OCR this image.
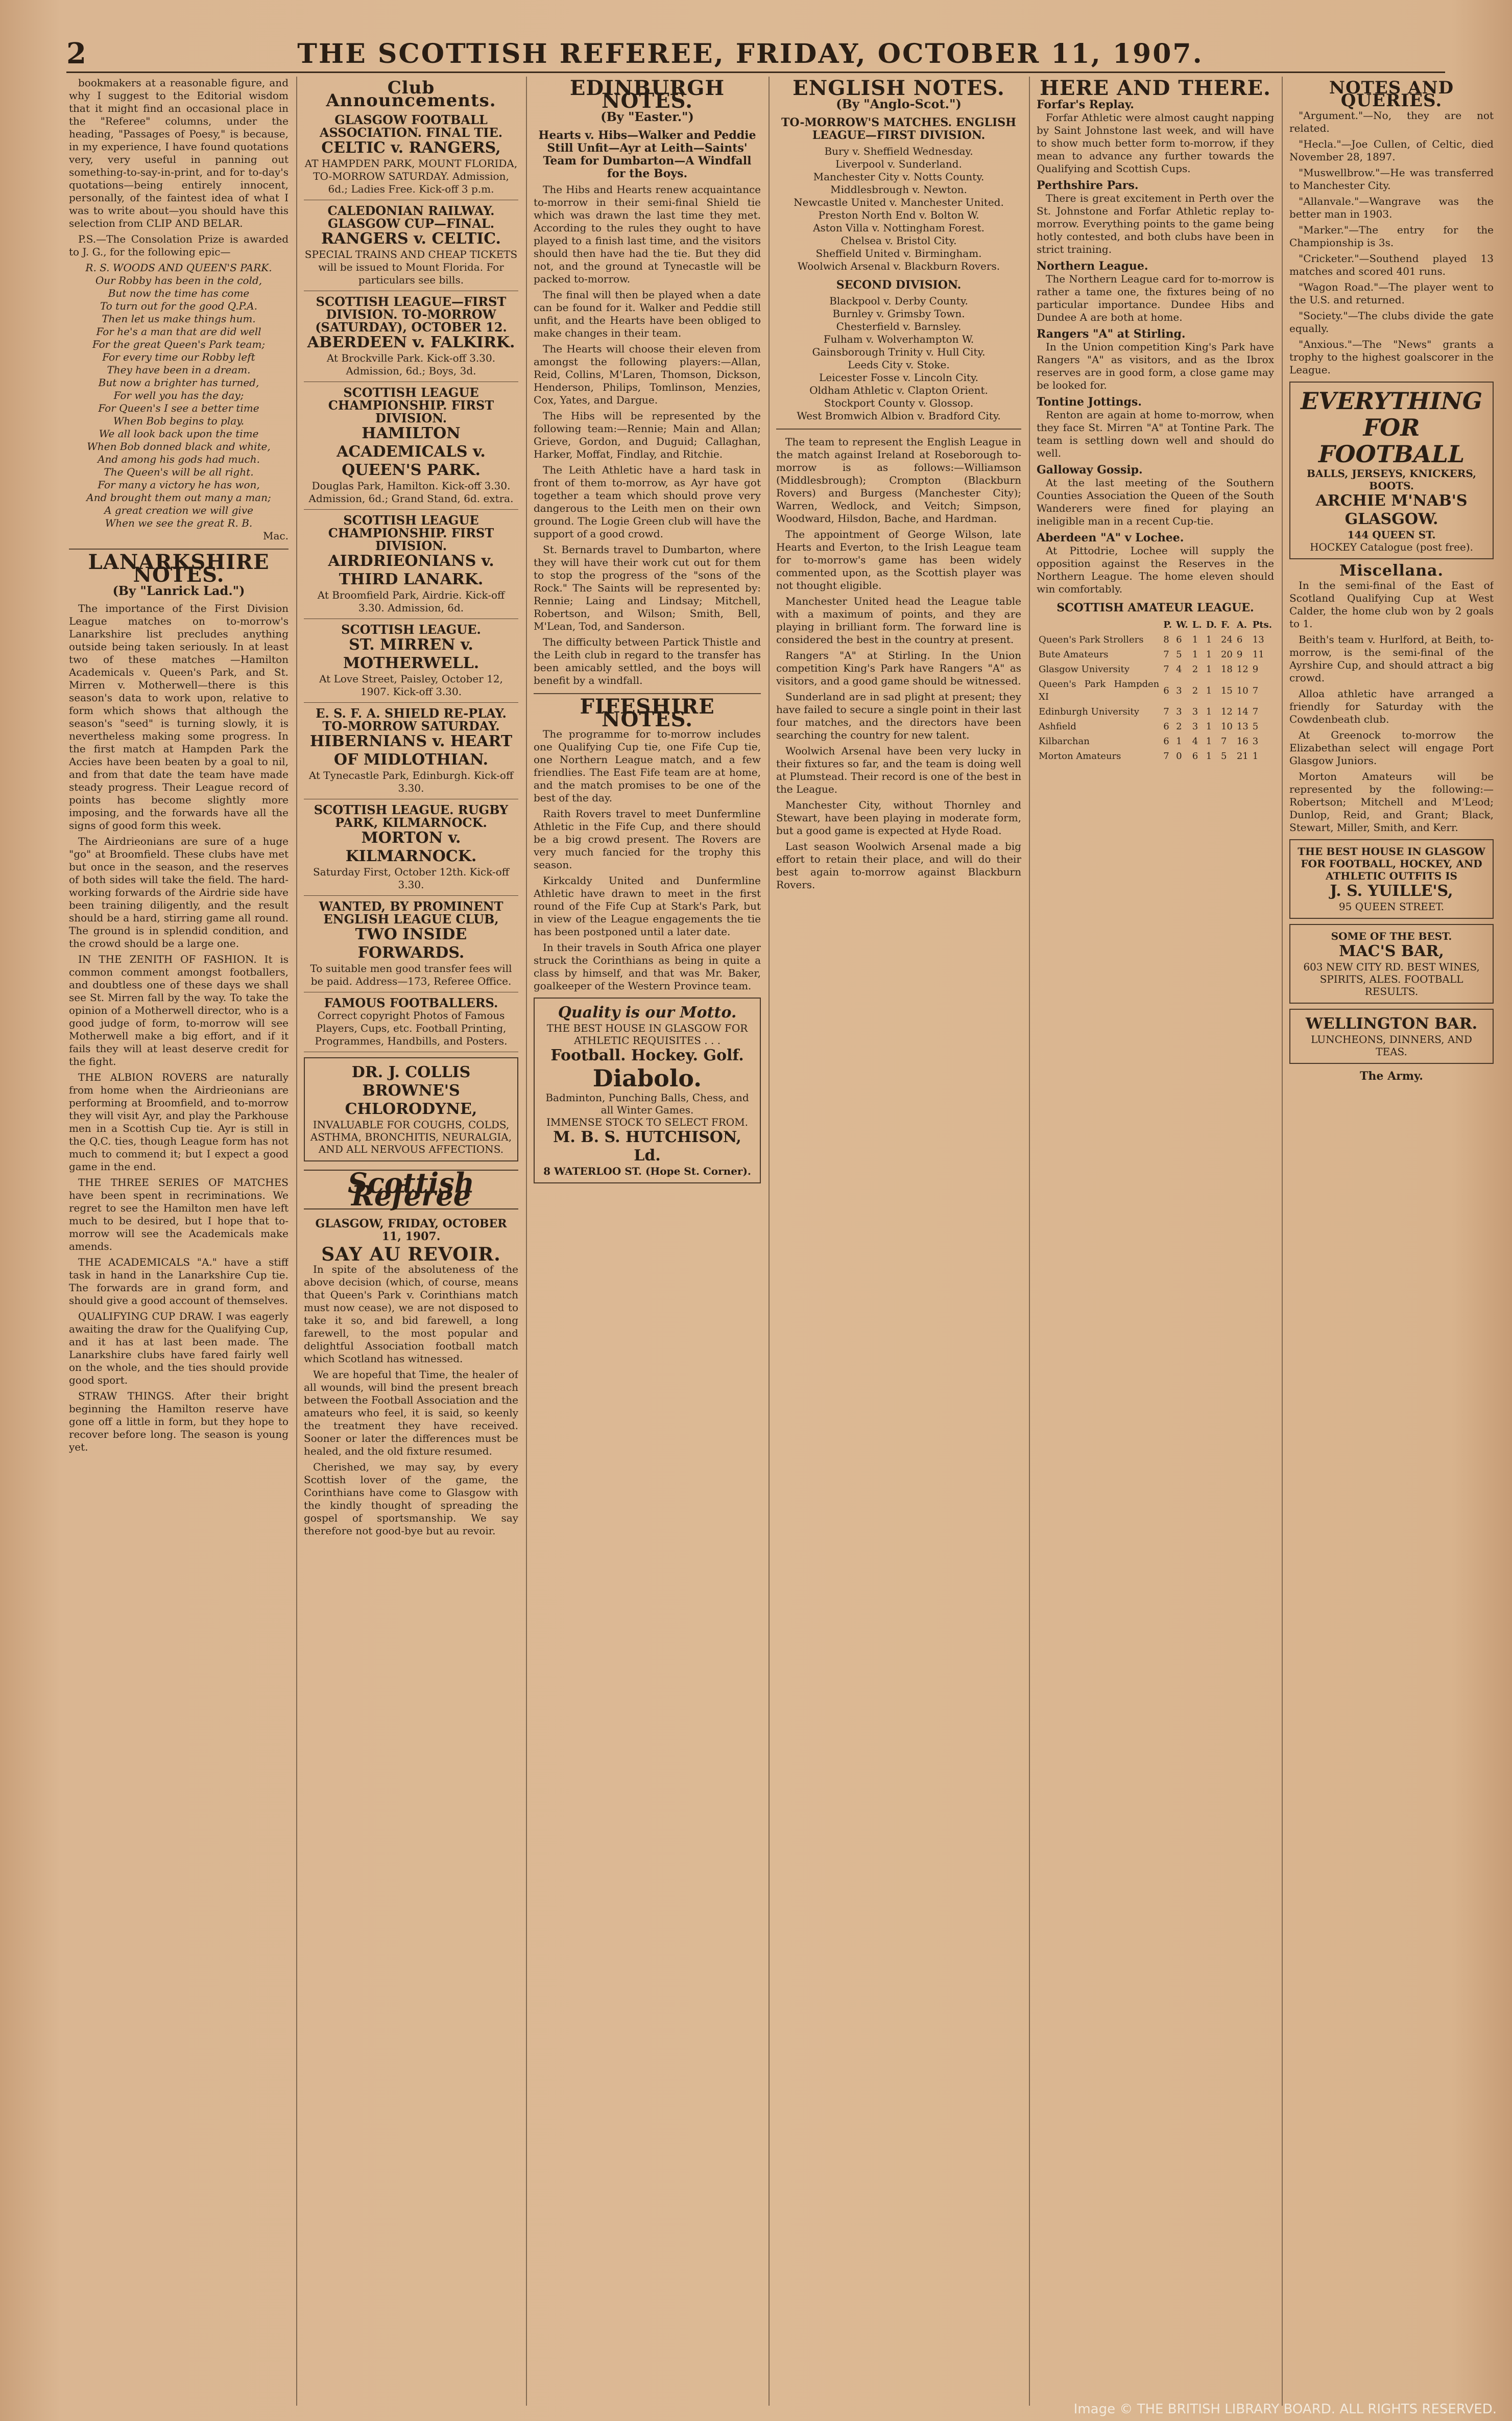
2	THE SCOTTISH REFEREE, FRIDAY, OCTOBER 11, 1907.

bookmakers at a reasonable figure, and why I suggest to the Editorial wisdom that it might find an occasional place in the "Referee" columns, under the heading, "Passages of Poesy," is because, in my experience, I have found quotations very, very useful in panning out something-to-say-in-print, and for to-day's quotations—being entirely innocent, personally, of the faintest idea of what I was to write about—you should have this selection from CLIP AND BELAR.

P.S.—The Consolation Prize is awarded to J. G., for the following epic—

R. S. WOODS AND QUEEN'S PARK.
Our Robby has been in the cold,
But now the time has come
To turn out for the good Q.P.A.
Then let us make things hum.
For he's a man that are did well
For the great Queen's Park team;
For every time our Robby left
They have been in a dream.
But now a brighter has turned,
For well you has the day;
For Queen's I see a better time
When Bob begins to play.
We all look back upon the time
When Bob donned black and white,
And among his gods had much.
The Queen's will be all right.
For many a victory he has won,
And brought them out many a man;
A great creation we will give
When we see the great R. B.
Mac.
LANARKSHIRE NOTES.
(By "Lanrick Lad.")

The importance of the First Division League matches on to-morrow's Lanarkshire list precludes anything outside being taken seriously. In at least two of these matches —Hamilton Academicals v. Queen's Park, and St. Mirren v. Motherwell—there is this season's data to work upon, relative to form which shows that although the season's "seed" is turning slowly, it is nevertheless making some progress. In the first match at Hampden Park the Accies have been beaten by a goal to nil, and from that date the team have made steady progress. Their League record of points has become slightly more imposing, and the forwards have all the signs of good form this week.

The Airdrieonians are sure of a huge "go" at Broomfield. These clubs have met but once in the season, and the reserves of both sides will take the field. The hard-working forwards of the Airdrie side have been training diligently, and the result should be a hard, stirring game all round. The ground is in splendid condition, and the crowd should be a large one.

IN THE ZENITH OF FASHION. It is common comment amongst footballers, and doubtless one of these days we shall see St. Mirren fall by the way. To take the opinion of a Motherwell director, who is a good judge of form, to-morrow will see Motherwell make a big effort, and if it fails they will at least deserve credit for the fight.

THE ALBION ROVERS are naturally from home when the Airdrieonians are performing at Broomfield, and to-morrow they will visit Ayr, and play the Parkhouse men in a Scottish Cup tie. Ayr is still in the Q.C. ties, though League form has not much to commend it; but I expect a good game in the end.

THE THREE SERIES OF MATCHES have been spent in recriminations. We regret to see the Hamilton men have left much to be desired, but I hope that to-morrow will see the Academicals make amends.

THE ACADEMICALS "A." have a stiff task in hand in the Lanarkshire Cup tie. The forwards are in grand form, and should give a good account of themselves.

QUALIFYING CUP DRAW. I was eagerly awaiting the draw for the Qualifying Cup, and it has at last been made. The Lanarkshire clubs have fared fairly well on the whole, and the ties should provide good sport.

STRAW THINGS. After their bright beginning the Hamilton reserve have gone off a little in form, but they hope to recover before long. The season is young yet.

Club Announcements.
GLASGOW FOOTBALL ASSOCIATION. FINAL TIE.
CELTIC v. RANGERS,
AT HAMPDEN PARK, MOUNT FLORIDA, TO-MORROW SATURDAY. Admission, 6d.; Ladies Free. Kick-off 3 p.m.
CALEDONIAN RAILWAY. GLASGOW CUP—FINAL.
RANGERS v. CELTIC.
SPECIAL TRAINS AND CHEAP TICKETS will be issued to Mount Florida. For particulars see bills.
SCOTTISH LEAGUE—FIRST DIVISION. TO-MORROW (SATURDAY), OCTOBER 12.
ABERDEEN v. FALKIRK.
At Brockville Park. Kick-off 3.30. Admission, 6d.; Boys, 3d.
SCOTTISH LEAGUE CHAMPIONSHIP. FIRST DIVISION.
HAMILTON ACADEMICALS v. QUEEN'S PARK.
Douglas Park, Hamilton. Kick-off 3.30. Admission, 6d.; Grand Stand, 6d. extra.
SCOTTISH LEAGUE CHAMPIONSHIP. FIRST DIVISION.
AIRDRIEONIANS v. THIRD LANARK.
At Broomfield Park, Airdrie. Kick-off 3.30. Admission, 6d.
SCOTTISH LEAGUE.
ST. MIRREN v. MOTHERWELL.
At Love Street, Paisley, October 12, 1907. Kick-off 3.30.
E. S. F. A. SHIELD RE-PLAY. TO-MORROW SATURDAY.
HIBERNIANS v. HEART OF MIDLOTHIAN.
At Tynecastle Park, Edinburgh. Kick-off 3.30.
SCOTTISH LEAGUE. RUGBY PARK, KILMARNOCK.
MORTON v. KILMARNOCK.
Saturday First, October 12th. Kick-off 3.30.
WANTED, BY PROMINENT ENGLISH LEAGUE CLUB,
TWO INSIDE FORWARDS.
To suitable men good transfer fees will be paid. Address—173, Referee Office.
FAMOUS FOOTBALLERS.
Correct copyright Photos of Famous Players, Cups, etc. Football Printing, Programmes, Handbills, and Posters.
DR. J. COLLIS BROWNE'S CHLORODYNE,
INVALUABLE FOR COUGHS, COLDS, ASTHMA, BRONCHITIS, NEURALGIA, AND ALL NERVOUS AFFECTIONS.
Scottish Referee
GLASGOW, FRIDAY, OCTOBER 11, 1907.
SAY AU REVOIR.

In spite of the absoluteness of the above decision (which, of course, means that Queen's Park v. Corinthians match must now cease), we are not disposed to take it so, and bid farewell, a long farewell, to the most popular and delightful Association football match which Scotland has witnessed.

We are hopeful that Time, the healer of all wounds, will bind the present breach between the Football Association and the amateurs who feel, it is said, so keenly the treatment they have received. Sooner or later the differences must be healed, and the old fixture resumed.

Cherished, we may say, by every Scottish lover of the game, the Corinthians have come to Glasgow with the kindly thought of spreading the gospel of sportsmanship. We say therefore not good-bye but au revoir.

EDINBURGH NOTES.
(By "Easter.")
Hearts v. Hibs—Walker and Peddie Still Unfit—Ayr at Leith—Saints' Team for Dumbarton—A Windfall for the Boys.

The Hibs and Hearts renew acquaintance to-morrow in their semi-final Shield tie which was drawn the last time they met. According to the rules they ought to have played to a finish last time, and the visitors should then have had the tie. But they did not, and the ground at Tynecastle will be packed to-morrow.

The final will then be played when a date can be found for it. Walker and Peddie still unfit, and the Hearts have been obliged to make changes in their team.

The Hearts will choose their eleven from amongst the following players:—Allan, Reid, Collins, M'Laren, Thomson, Dickson, Henderson, Philips, Tomlinson, Menzies, Cox, Yates, and Dargue.

The Hibs will be represented by the following team:—Rennie; Main and Allan; Grieve, Gordon, and Duguid; Callaghan, Harker, Moffat, Findlay, and Ritchie.

The Leith Athletic have a hard task in front of them to-morrow, as Ayr have got together a team which should prove very dangerous to the Leith men on their own ground. The Logie Green club will have the support of a good crowd.

St. Bernards travel to Dumbarton, where they will have their work cut out for them to stop the progress of the "sons of the Rock." The Saints will be represented by: Rennie; Laing and Lindsay; Mitchell, Robertson, and Wilson; Smith, Bell, M'Lean, Tod, and Sanderson.

The difficulty between Partick Thistle and the Leith club in regard to the transfer has been amicably settled, and the boys will benefit by a windfall.

FIFESHIRE NOTES.

The programme for to-morrow includes one Qualifying Cup tie, one Fife Cup tie, one Northern League match, and a few friendlies. The East Fife team are at home, and the match promises to be one of the best of the day.

Raith Rovers travel to meet Dunfermline Athletic in the Fife Cup, and there should be a big crowd present. The Rovers are very much fancied for the trophy this season.

Kirkcaldy United and Dunfermline Athletic have drawn to meet in the first round of the Fife Cup at Stark's Park, but in view of the League engagements the tie has been postponed until a later date.

In their travels in South Africa one player struck the Corinthians as being in quite a class by himself, and that was Mr. Baker, goalkeeper of the Western Province team.

Quality is our Motto.
THE BEST HOUSE IN GLASGOW FOR ATHLETIC REQUISITES . . .
Football. Hockey. Golf.
Diabolo.
Badminton, Punching Balls, Chess, and all Winter Games.
IMMENSE STOCK TO SELECT FROM.
M. B. S. HUTCHISON, Ld.
8 WATERLOO ST. (Hope St. Corner).
ENGLISH NOTES.
(By "Anglo-Scot.")
TO-MORROW'S MATCHES. ENGLISH LEAGUE—FIRST DIVISION.
Bury v. Sheffield Wednesday.
Liverpool v. Sunderland.
Manchester City v. Notts County.
Middlesbrough v. Newton.
Newcastle United v. Manchester United.
Preston North End v. Bolton W.
Aston Villa v. Nottingham Forest.
Chelsea v. Bristol City.
Sheffield United v. Birmingham.
Woolwich Arsenal v. Blackburn Rovers.
SECOND DIVISION.
Blackpool v. Derby County.
Burnley v. Grimsby Town.
Chesterfield v. Barnsley.
Fulham v. Wolverhampton W.
Gainsborough Trinity v. Hull City.
Leeds City v. Stoke.
Leicester Fosse v. Lincoln City.
Oldham Athletic v. Clapton Orient.
Stockport County v. Glossop.
West Bromwich Albion v. Bradford City.

The team to represent the English League in the match against Ireland at Roseborough to-morrow is as follows:—Williamson (Middlesbrough); Crompton (Blackburn Rovers) and Burgess (Manchester City); Warren, Wedlock, and Veitch; Simpson, Woodward, Hilsdon, Bache, and Hardman.

The appointment of George Wilson, late Hearts and Everton, to the Irish League team for to-morrow's game has been widely commented upon, as the Scottish player was not thought eligible.

Manchester United head the League table with a maximum of points, and they are playing in brilliant form. The forward line is considered the best in the country at present.

Rangers "A" at Stirling. In the Union competition King's Park have Rangers "A" as visitors, and a good game should be witnessed.

Sunderland are in sad plight at present; they have failed to secure a single point in their last four matches, and the directors have been searching the country for new talent.

Woolwich Arsenal have been very lucky in their fixtures so far, and the team is doing well at Plumstead. Their record is one of the best in the League.

Manchester City, without Thornley and Stewart, have been playing in moderate form, but a good game is expected at Hyde Road.

Last season Woolwich Arsenal made a big effort to retain their place, and will do their best again to-morrow against Blackburn Rovers.

HERE AND THERE.
Forfar's Replay.

Forfar Athletic were almost caught napping by Saint Johnstone last week, and will have to show much better form to-morrow, if they mean to advance any further towards the Qualifying and Scottish Cups.

Perthshire Pars.

There is great excitement in Perth over the St. Johnstone and Forfar Athletic replay to-morrow. Everything points to the game being hotly contested, and both clubs have been in strict training.

Northern League.

The Northern League card for to-morrow is rather a tame one, the fixtures being of no particular importance. Dundee Hibs and Dundee A are both at home.

Rangers "A" at Stirling.

In the Union competition King's Park have Rangers "A" as visitors, and as the Ibrox reserves are in good form, a close game may be looked for.

Tontine Jottings.

Renton are again at home to-morrow, when they face St. Mirren "A" at Tontine Park. The team is settling down well and should do well.

Galloway Gossip.

At the last meeting of the Southern Counties Association the Queen of the South Wanderers were fined for playing an ineligible man in a recent Cup-tie.

Aberdeen "A" v Lochee.

At Pittodrie, Lochee will supply the opposition against the Reserves in the Northern League. The home eleven should win comfortably.

SCOTTISH AMATEUR LEAGUE.
	P.	W.	L.	D.	F.	A.	Pts.
Queen's Park Strollers	8	6	1	1	24	6	13
Bute Amateurs	7	5	1	1	20	9	11
Glasgow University	7	4	2	1	18	12	9
Queen's Park Hampden XI	6	3	2	1	15	10	7
Edinburgh University	7	3	3	1	12	14	7
Ashfield	6	2	3	1	10	13	5
Kilbarchan	6	1	4	1	7	16	3
Morton Amateurs	7	0	6	1	5	21	1
NOTES AND QUERIES.

"Argument."—No, they are not related.

"Hecla."—Joe Cullen, of Celtic, died November 28, 1897.

"Muswellbrow."—He was transferred to Manchester City.

"Allanvale."—Wangrave was the better man in 1903.

"Marker."—The entry for the Championship is 3s.

"Cricketer."—Southend played 13 matches and scored 401 runs.

"Wagon Road."—The player went to the U.S. and returned.

"Society."—The clubs divide the gate equally.

"Anxious."—The "News" grants a trophy to the highest goalscorer in the League.

EVERYTHING FOR FOOTBALL
BALLS, JERSEYS, KNICKERS, BOOTS.
ARCHIE M'NAB'S
GLASGOW.
144 QUEEN ST.
HOCKEY Catalogue (post free).
Miscellana.

In the semi-final of the East of Scotland Qualifying Cup at West Calder, the home club won by 2 goals to 1.

Beith's team v. Hurlford, at Beith, to-morrow, is the semi-final of the Ayrshire Cup, and should attract a big crowd.

Alloa athletic have arranged a friendly for Saturday with the Cowdenbeath club.

At Greenock to-morrow the Elizabethan select will engage Port Glasgow Juniors.

Morton Amateurs will be represented by the following:—Robertson; Mitchell and M'Leod; Dunlop, Reid, and Grant; Black, Stewart, Miller, Smith, and Kerr.

THE BEST HOUSE IN GLASGOW FOR FOOTBALL, HOCKEY, AND ATHLETIC OUTFITS IS
J. S. YUILLE'S,
95 QUEEN STREET.
SOME OF THE BEST.
MAC'S BAR,
603 NEW CITY RD. BEST WINES, SPIRITS, ALES. FOOTBALL RESULTS.
WELLINGTON BAR.
LUNCHEONS, DINNERS, AND TEAS.
The Army.
Image © THE BRITISH LIBRARY BOARD. ALL RIGHTS RESERVED.
